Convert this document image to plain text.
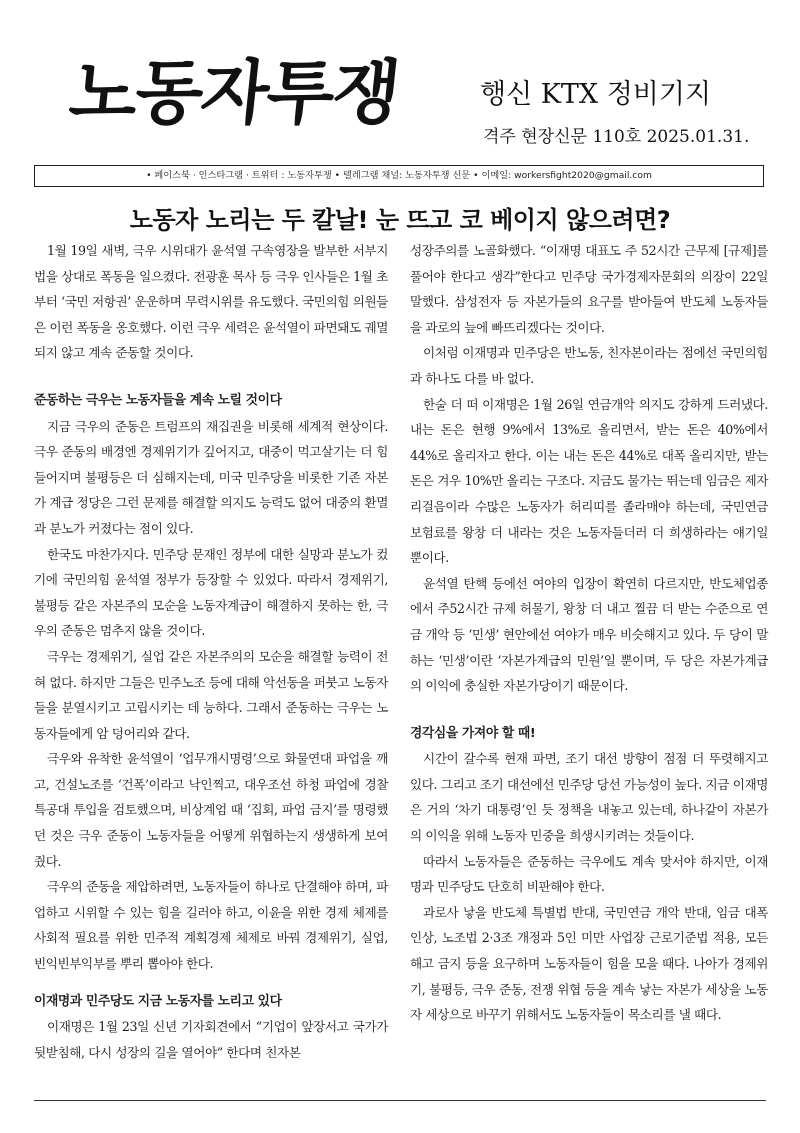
노동자투쟁	행신 KTX 정비기지
격주 현장신문 110호 2025.01.31.
• 페이스북 · 인스타그램 · 트위터 : 노동자투쟁 • 텔레그램 채널: 노동자투쟁 신문 • 이메일: workersfight2020@gmail.com
노동자 노리는 두 칼날! 눈 뜨고 코 베이지 않으려면?

1월 19일 새벽, 극우 시위대가 윤석열 구속영장을 발부한 서부지법을 상대로 폭동을 일으켰다. 전광훈 목사 등 극우 인사들은 1월 초부터 ‘국민 저항권’ 운운하며 무력시위를 유도했다. 국민의힘 의원들은 이런 폭동을 옹호했다. 이런 극우 세력은 윤석열이 파면돼도 궤멸되지 않고 계속 준동할 것이다.

준동하는 극우는 노동자들을 계속 노릴 것이다

지금 극우의 준동은 트럼프의 재집권을 비롯해 세계적 현상이다. 극우 준동의 배경엔 경제위기가 깊어지고, 대중이 먹고살기는 더 힘들어지며 불평등은 더 심해지는데, 미국 민주당을 비롯한 기존 자본가 계급 정당은 그런 문제를 해결할 의지도 능력도 없어 대중의 환멸과 분노가 커졌다는 점이 있다.

한국도 마찬가지다. 민주당 문재인 정부에 대한 실망과 분노가 컸기에 국민의힘 윤석열 정부가 등장할 수 있었다. 따라서 경제위기, 불평등 같은 자본주의 모순을 노동자계급이 해결하지 못하는 한, 극우의 준동은 멈추지 않을 것이다.

극우는 경제위기, 실업 같은 자본주의의 모순을 해결할 능력이 전혀 없다. 하지만 그들은 민주노조 등에 대해 악선동을 퍼붓고 노동자들을 분열시키고 고립시키는 데 능하다. 그래서 준동하는 극우는 노동자들에게 암 덩어리와 같다.

극우와 유착한 윤석열이 ‘업무개시명령’으로 화물연대 파업을 깨고, 건설노조를 ‘건폭’이라고 낙인찍고, 대우조선 하청 파업에 경찰특공대 투입을 검토했으며, 비상계엄 때 ‘집회, 파업 금지’를 명령했던 것은 극우 준동이 노동자들을 어떻게 위협하는지 생생하게 보여줬다.

극우의 준동을 제압하려면, 노동자들이 하나로 단결해야 하며, 파업하고 시위할 수 있는 힘을 길러야 하고, 이윤을 위한 경제 체제를 사회적 필요를 위한 민주적 계획경제 체제로 바꿔 경제위기, 실업, 빈익빈부익부를 뿌리 뽑아야 한다.

이재명과 민주당도 지금 노동자를 노리고 있다

이재명은 1월 23일 신년 기자회견에서 “기업이 앞장서고 국가가 뒷받침해, 다시 성장의 길을 열어야” 한다며 친자본

성장주의를 노골화했다. “이재명 대표도 주 52시간 근무제 [규제]를 풀어야 한다고 생각”한다고 민주당 국가경제자문회의 의장이 22일 말했다. 삼성전자 등 자본가들의 요구를 받아들여 반도체 노동자들을 과로의 늪에 빠뜨리겠다는 것이다.

이처럼 이재명과 민주당은 반노동, 친자본이라는 점에선 국민의힘과 하나도 다를 바 없다.

한술 더 떠 이재명은 1월 26일 연금개악 의지도 강하게 드러냈다. 내는 돈은 현행 9%에서 13%로 올리면서, 받는 돈은 40%에서 44%로 올리자고 한다. 이는 내는 돈은 44%로 대폭 올리지만, 받는 돈은 겨우 10%만 올리는 구조다. 지금도 물가는 뛰는데 임금은 제자리걸음이라 수많은 노동자가 허리띠를 졸라매야 하는데, 국민연금 보험료를 왕창 더 내라는 것은 노동자들더러 더 희생하라는 얘기일 뿐이다.

윤석열 탄핵 등에선 여야의 입장이 확연히 다르지만, 반도체업종에서 주52시간 규제 허물기, 왕창 더 내고 찔끔 더 받는 수준으로 연금 개악 등 ‘민생’ 현안에선 여야가 매우 비슷해지고 있다. 두 당이 말하는 ‘민생’이란 ‘자본가계급의 민원’일 뿐이며, 두 당은 자본가계급의 이익에 충실한 자본가당이기 때문이다.

경각심을 가져야 할 때!

시간이 갈수록 현재 파면, 조기 대선 방향이 점점 더 뚜렷해지고 있다. 그리고 조기 대선에선 민주당 당선 가능성이 높다. 지금 이재명은 거의 ‘차기 대통령’인 듯 정책을 내놓고 있는데, 하나같이 자본가의 이익을 위해 노동자 민중을 희생시키려는 것들이다.

따라서 노동자들은 준동하는 극우에도 계속 맞서야 하지만, 이재명과 민주당도 단호히 비판해야 한다.

과로사 낳을 반도체 특별법 반대, 국민연금 개악 반대, 임금 대폭 인상, 노조법 2·3조 개정과 5인 미만 사업장 근로기준법 적용, 모든 해고 금지 등을 요구하며 노동자들이 힘을 모을 때다. 나아가 경제위기, 불평등, 극우 준동, 전쟁 위협 등을 계속 낳는 자본가 세상을 노동자 세상으로 바꾸기 위해서도 노동자들이 목소리를 낼 때다.
